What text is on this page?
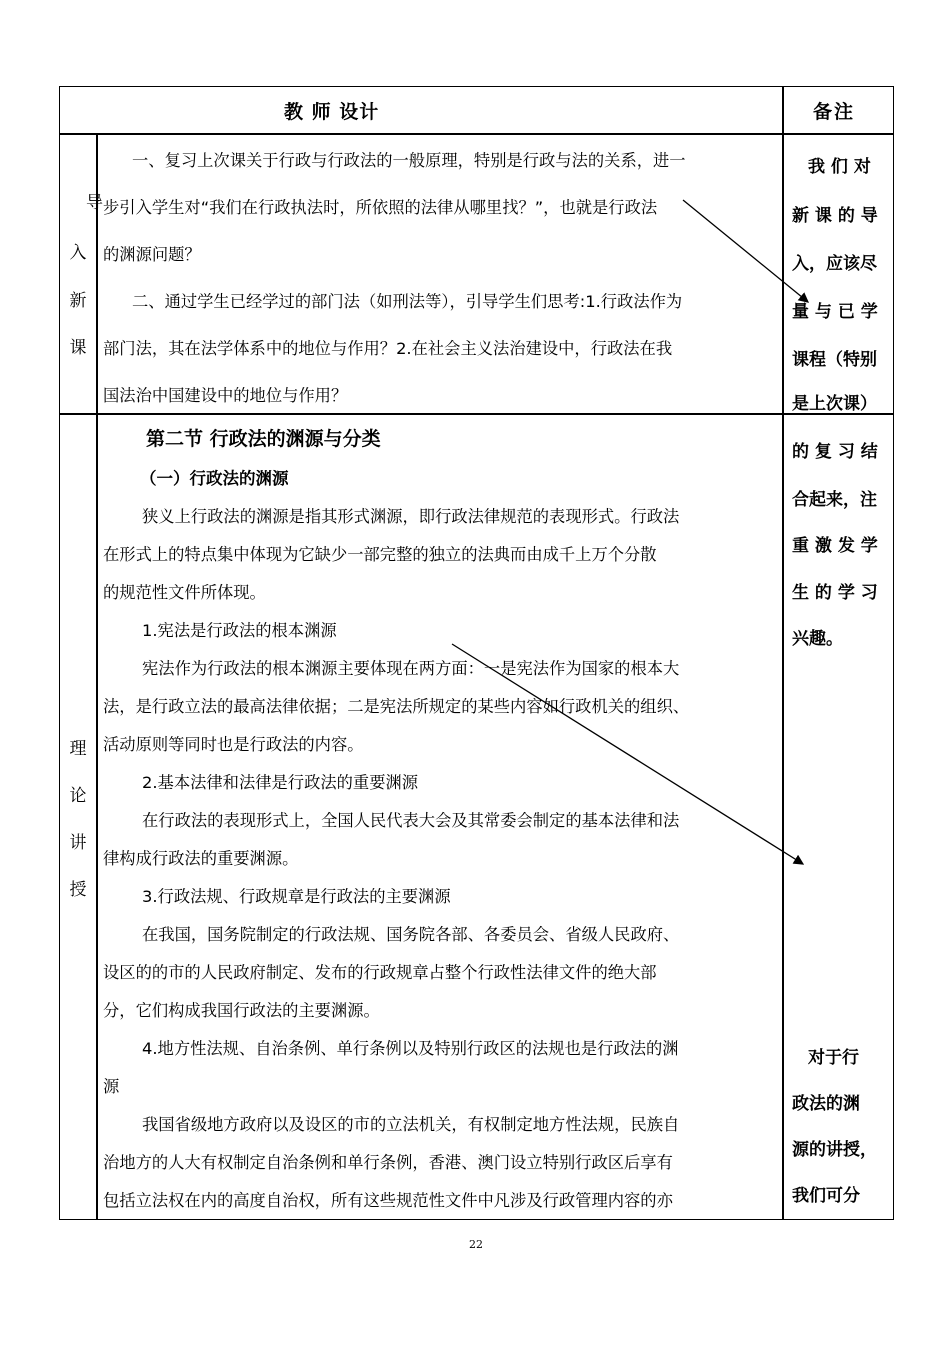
教 师 设计	备注
导
入
新
课

一、复习上次课关于行政与行政法的一般原理，特别是行政与法的关系，进一

步引入学生对“我们在行政执法时，所依照的法律从哪里找？”，也就是行政法

的渊源问题？

二、通过学生已经学过的部门法（如刑法等），引导学生们思考:1.行政法作为

部门法，其在法学体系中的地位与作用？2.在社会主义法治建设中，行政法在我

国法治中国建设中的地位与作用？

理
论
讲
授

第二节 行政法的渊源与分类

（一）行政法的渊源

狭义上行政法的渊源是指其形式渊源，即行政法律规范的表现形式。行政法

在形式上的特点集中体现为它缺少一部完整的独立的法典而由成千上万个分散

的规范性文件所体现。

1.宪法是行政法的根本渊源

宪法作为行政法的根本渊源主要体现在两方面：一是宪法作为国家的根本大

法，是行政立法的最高法律依据；二是宪法所规定的某些内容如行政机关的组织、

活动原则等同时也是行政法的内容。

2.基本法律和法律是行政法的重要渊源

在行政法的表现形式上，全国人民代表大会及其常委会制定的基本法律和法

律构成行政法的重要渊源。

3.行政法规、行政规章是行政法的主要渊源

在我国，国务院制定的行政法规、国务院各部、各委员会、省级人民政府、

设区的的市的人民政府制定、发布的行政规章占整个行政性法律文件的绝大部

分，它们构成我国行政法的主要渊源。

4.地方性法规、自治条例、单行条例以及特别行政区的法规也是行政法的渊

源

我国省级地方政府以及设区的市的立法机关，有权制定地方性法规，民族自

治地方的人大有权制定自治条例和单行条例，香港、澳门设立特别行政区后享有

包括立法权在内的高度自治权，所有这些规范性文件中凡涉及行政管理内容的亦

我 们 对
新 课 的 导
入，应该尽
量 与 已 学
课程（特别
是上次课）
的 复 习 结
合起来，注
重 激 发 学
生 的 学 习
兴趣。
对于行
政法的渊
源的讲授，
我们可分
22
